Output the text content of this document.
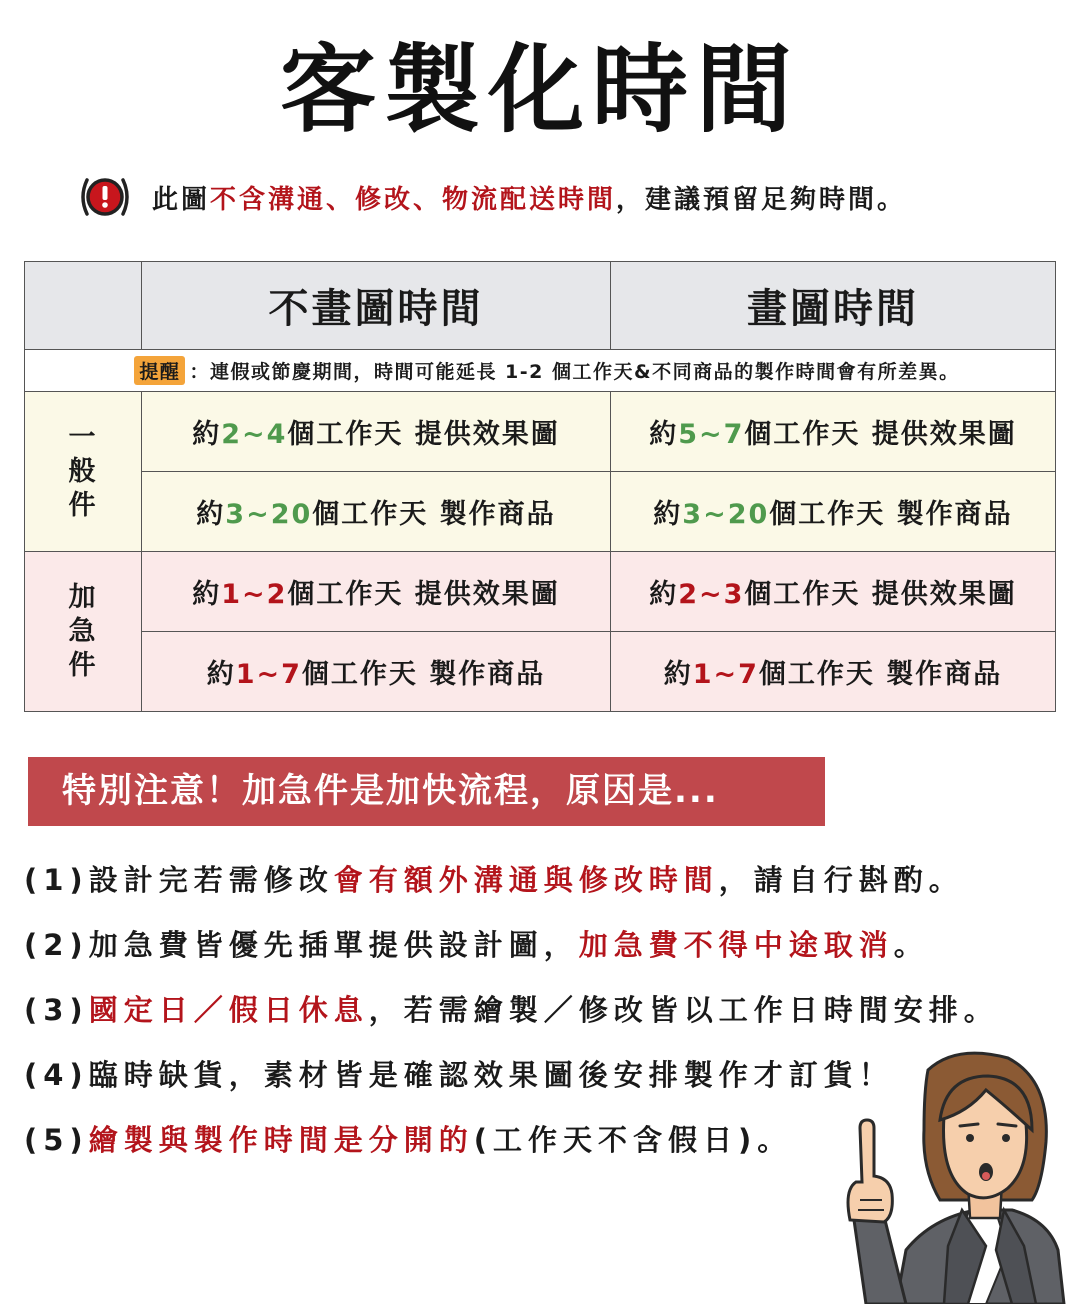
客製化時間
此圖 不含溝通、修改、物流配送時間 ，建議預留足夠時間。
	不畫圖時間	畫圖時間
提醒 ：連假或節慶期間，時間可能延長 1-2 個工作天&不同商品的製作時間會有所差異。		

一
般
件	約2~4個工作天 提供效果圖	約5~7個工作天 提供效果圖
	約3~20個工作天 製作商品	約3~20個工作天 製作商品

加
急
件	約1~2個工作天 提供效果圖	約2~3個工作天 提供效果圖
	約1~7個工作天 製作商品	約1~7個工作天 製作商品
特別注意！加急件是加快流程，原因是...
(1)設計完若需修改會有額外溝通與修改時間，請自行斟酌。
(2)加急費皆優先插單提供設計圖，加急費不得中途取消。
(3)國定日／假日休息，若需繪製／修改皆以工作日時間安排。
(4)臨時缺貨，素材皆是確認效果圖後安排製作才訂貨！
(5)繪製與製作時間是分開的(工作天不含假日)。
